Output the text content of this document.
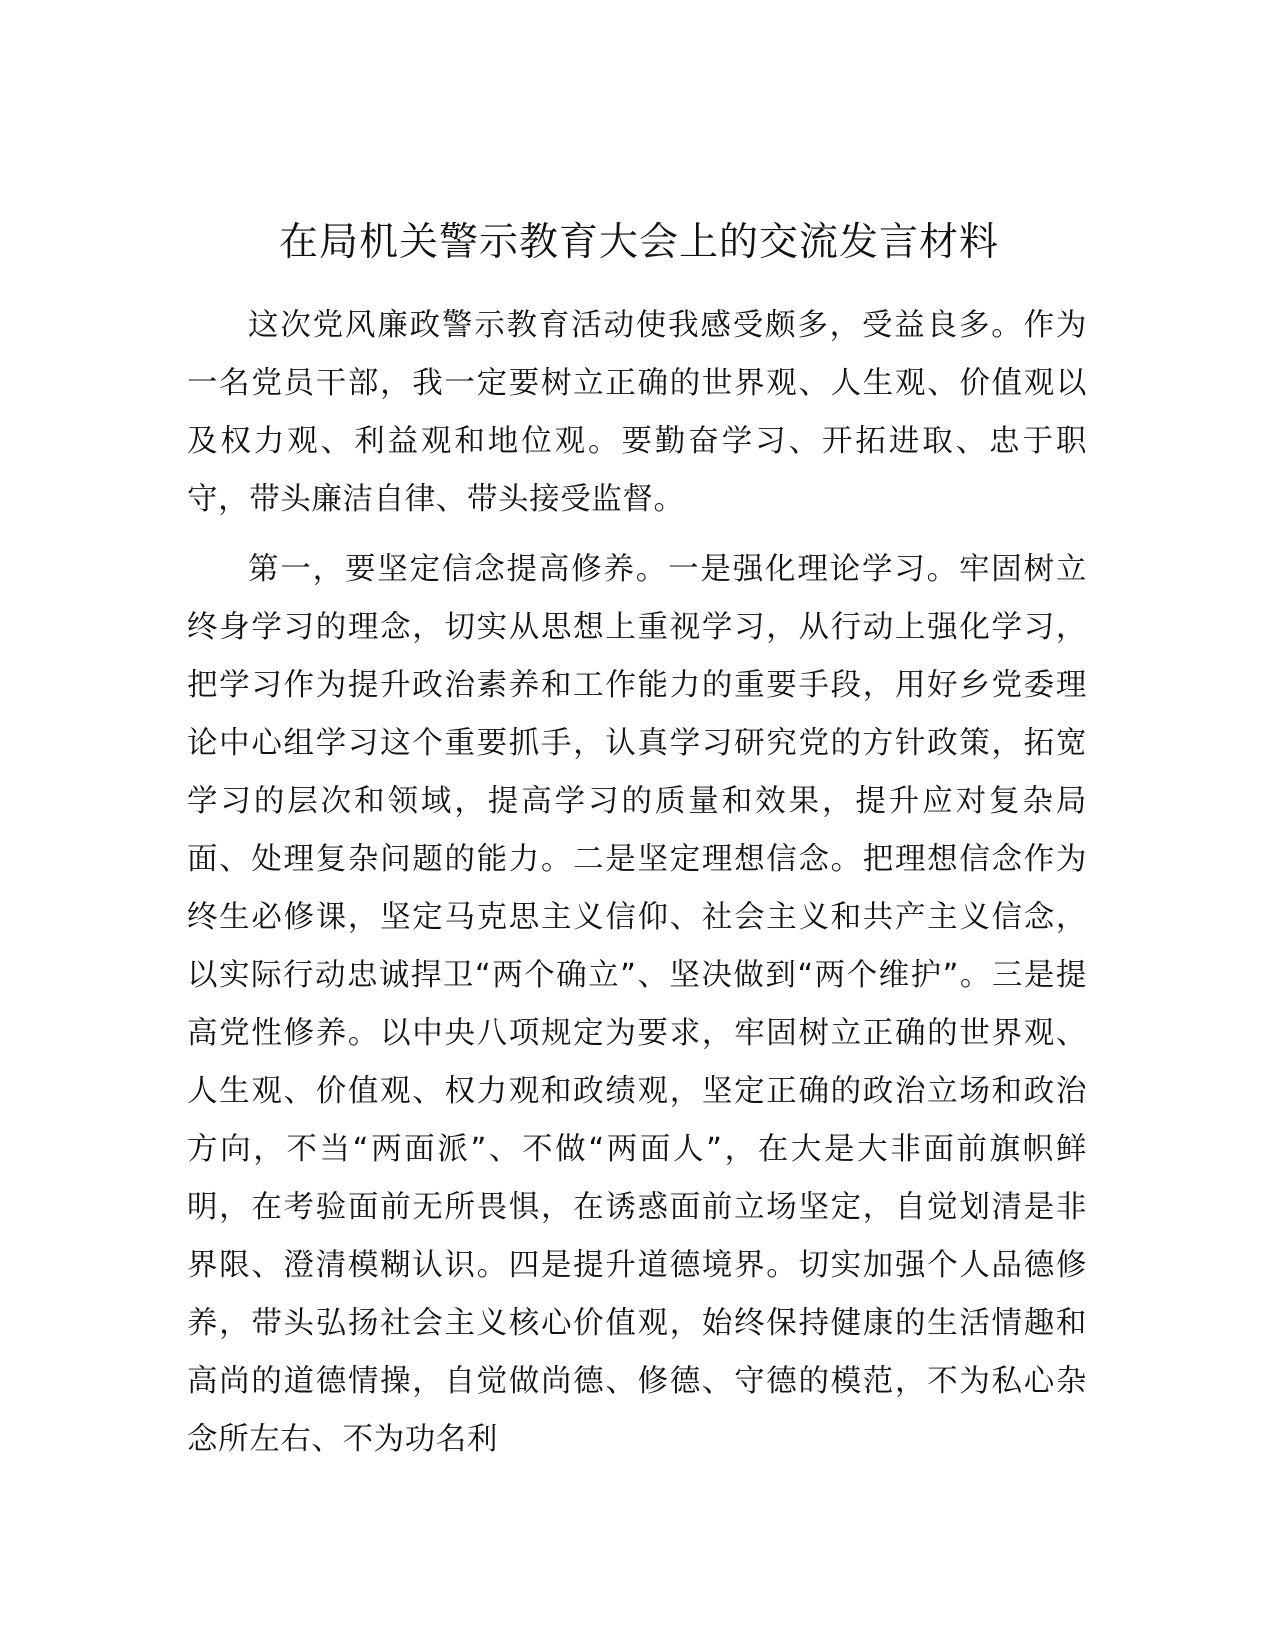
在局机关警示教育大会上的交流发言材料

这次党风廉政警示教育活动使我感受颇多，受益良多。作为一名党员干部，我一定要树立正确的世界观、人生观、价值观以及权力观、利益观和地位观。要勤奋学习、开拓进取、忠于职守，带头廉洁自律、带头接受监督。

第一，要坚定信念提高修养。一是强化理论学习。牢固树立终身学习的理念，切实从思想上重视学习，从行动上强化学习，把学习作为提升政治素养和工作能力的重要手段，用好乡党委理论中心组学习这个重要抓手，认真学习研究党的方针政策，拓宽学习的层次和领域，提高学习的质量和效果，提升应对复杂局面、处理复杂问题的能力。二是坚定理想信念。把理想信念作为终生必修课，坚定马克思主义信仰、社会主义和共产主义信念，以实际行动忠诚捍卫“两个确立”、坚决做到“两个维护”。三是提高党性修养。以中央八项规定为要求，牢固树立正确的世界观、人生观、价值观、权力观和政绩观，坚定正确的政治立场和政治方向，不当“两面派”、不做“两面人”，在大是大非面前旗帜鲜明，在考验面前无所畏惧，在诱惑面前立场坚定，自觉划清是非界限、澄清模糊认识。四是提升道德境界。切实加强个人品德修养，带头弘扬社会主义核心价值观，始终保持健康的生活情趣和高尚的道德情操，自觉做尚德、修德、守德的模范，不为私心杂念所左右、不为功名利
